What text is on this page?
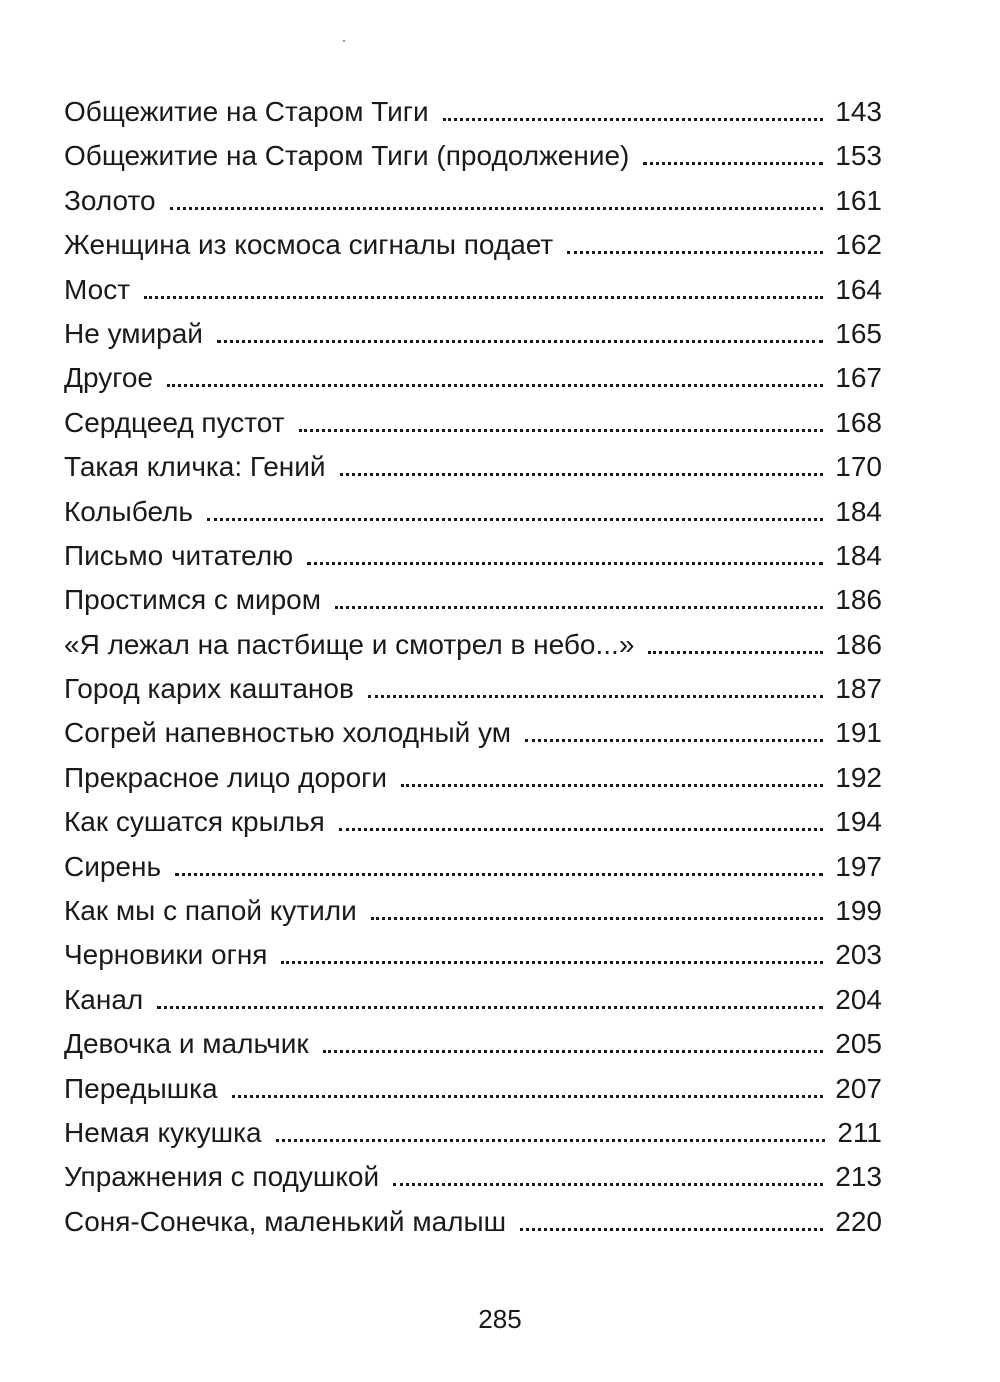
Общежитие на Старом Тиги	143
Общежитие на Старом Тиги (продолжение)	153
Золото	161
Женщина из космоса сигналы подает	162
Мост	164
Не умирай	165
Другое	167
Сердцеед пустот	168
Такая кличка: Гений	170
Колыбель	184
Письмо читателю	184
Простимся с миром	186
«Я лежал на пастбище и смотрел в небо...»	186
Город карих каштанов	187
Согрей напевностью холодный ум	191
Прекрасное лицо дороги	192
Как сушатся крылья	194
Сирень	197
Как мы с папой кутили	199
Черновики огня	203
Канал	204
Девочка и мальчик	205
Передышка	207
Немая кукушка	211
Упражнения с подушкой	213
Соня-Сонечка, маленький малыш	220
285
